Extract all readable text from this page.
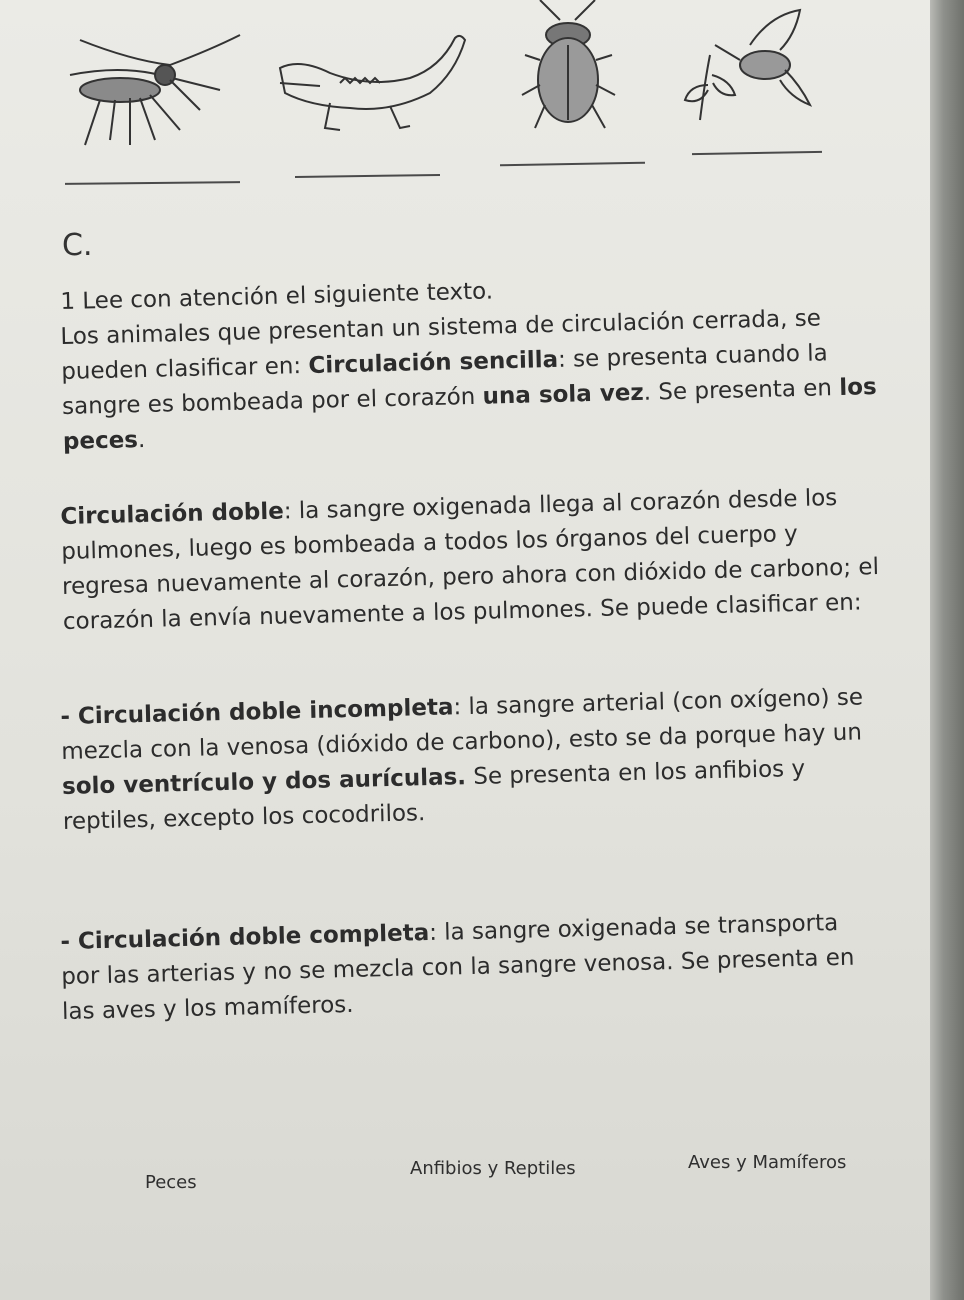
C.

1 Lee con atención el siguiente texto.

Los animales que presentan un sistema de circulación cerrada, se pueden clasificar en: Circulación sencilla: se presenta cuando la sangre es bombeada por el corazón una sola vez. Se presenta en los peces.

Circulación doble: la sangre oxigenada llega al corazón desde los pulmones, luego es bombeada a todos los órganos del cuerpo y regresa nuevamente al corazón, pero ahora con dióxido de carbono; el corazón la envía nuevamente a los pulmones. Se puede clasificar en:

- Circulación doble incompleta: la sangre arterial (con oxígeno) se mezcla con la venosa (dióxido de carbono), esto se da porque hay un solo ventrículo y dos aurículas. Se presenta en los anfibios y reptiles, excepto los cocodrilos.

- Circulación doble completa: la sangre oxigenada se transporta por las arterias y no se mezcla con la sangre venosa. Se presenta en las aves y los mamíferos.

Peces
Anfibios y Reptiles	Aves y Mamíferos
